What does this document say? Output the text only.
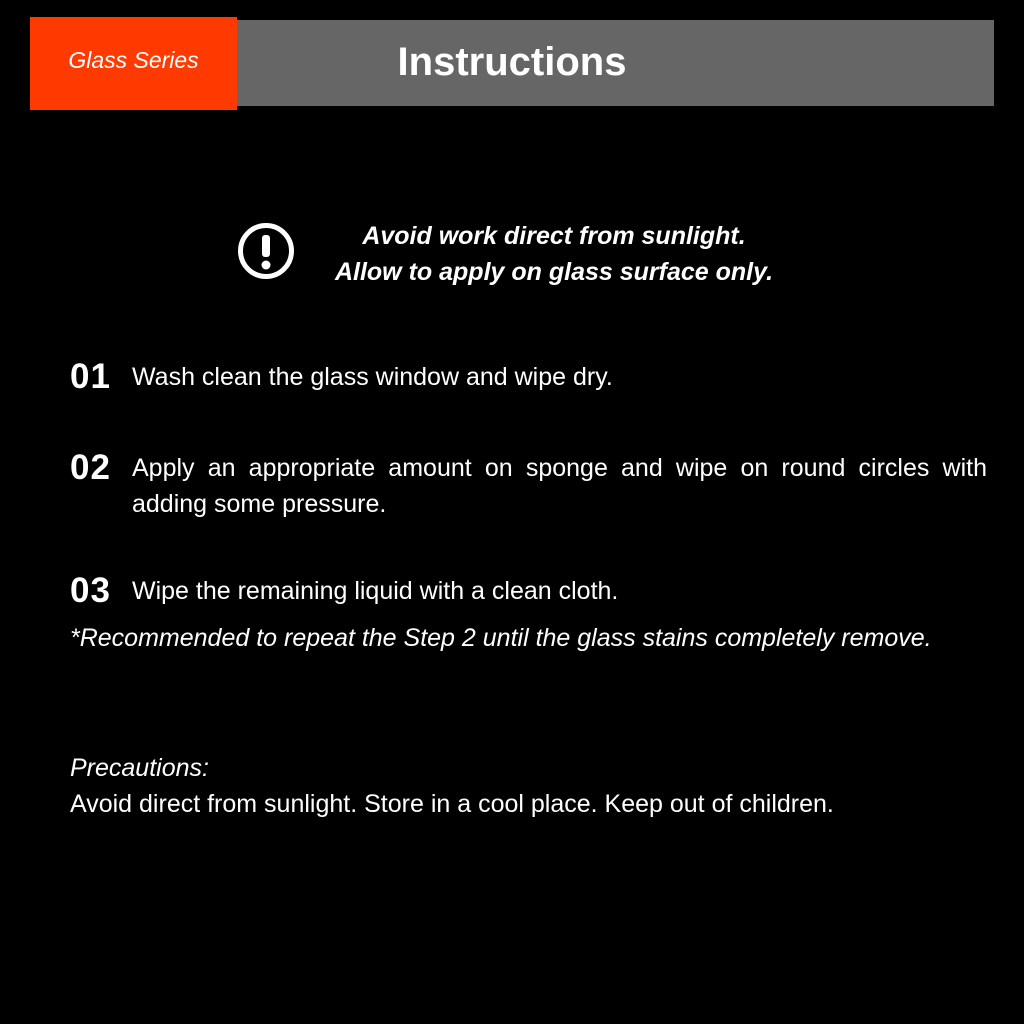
Glass Series	Instructions
Avoid work direct from sunlight.
Allow to apply on glass surface only.
01 Wash clean the glass window and wipe dry.
02 Apply an appropriate amount on sponge and wipe on round circles with adding some pressure.
03 Wipe the remaining liquid with a clean cloth.
*Recommended to repeat the Step 2 until the glass stains completely remove.
Precautions:
Avoid direct from sunlight. Store in a cool place. Keep out of children.
